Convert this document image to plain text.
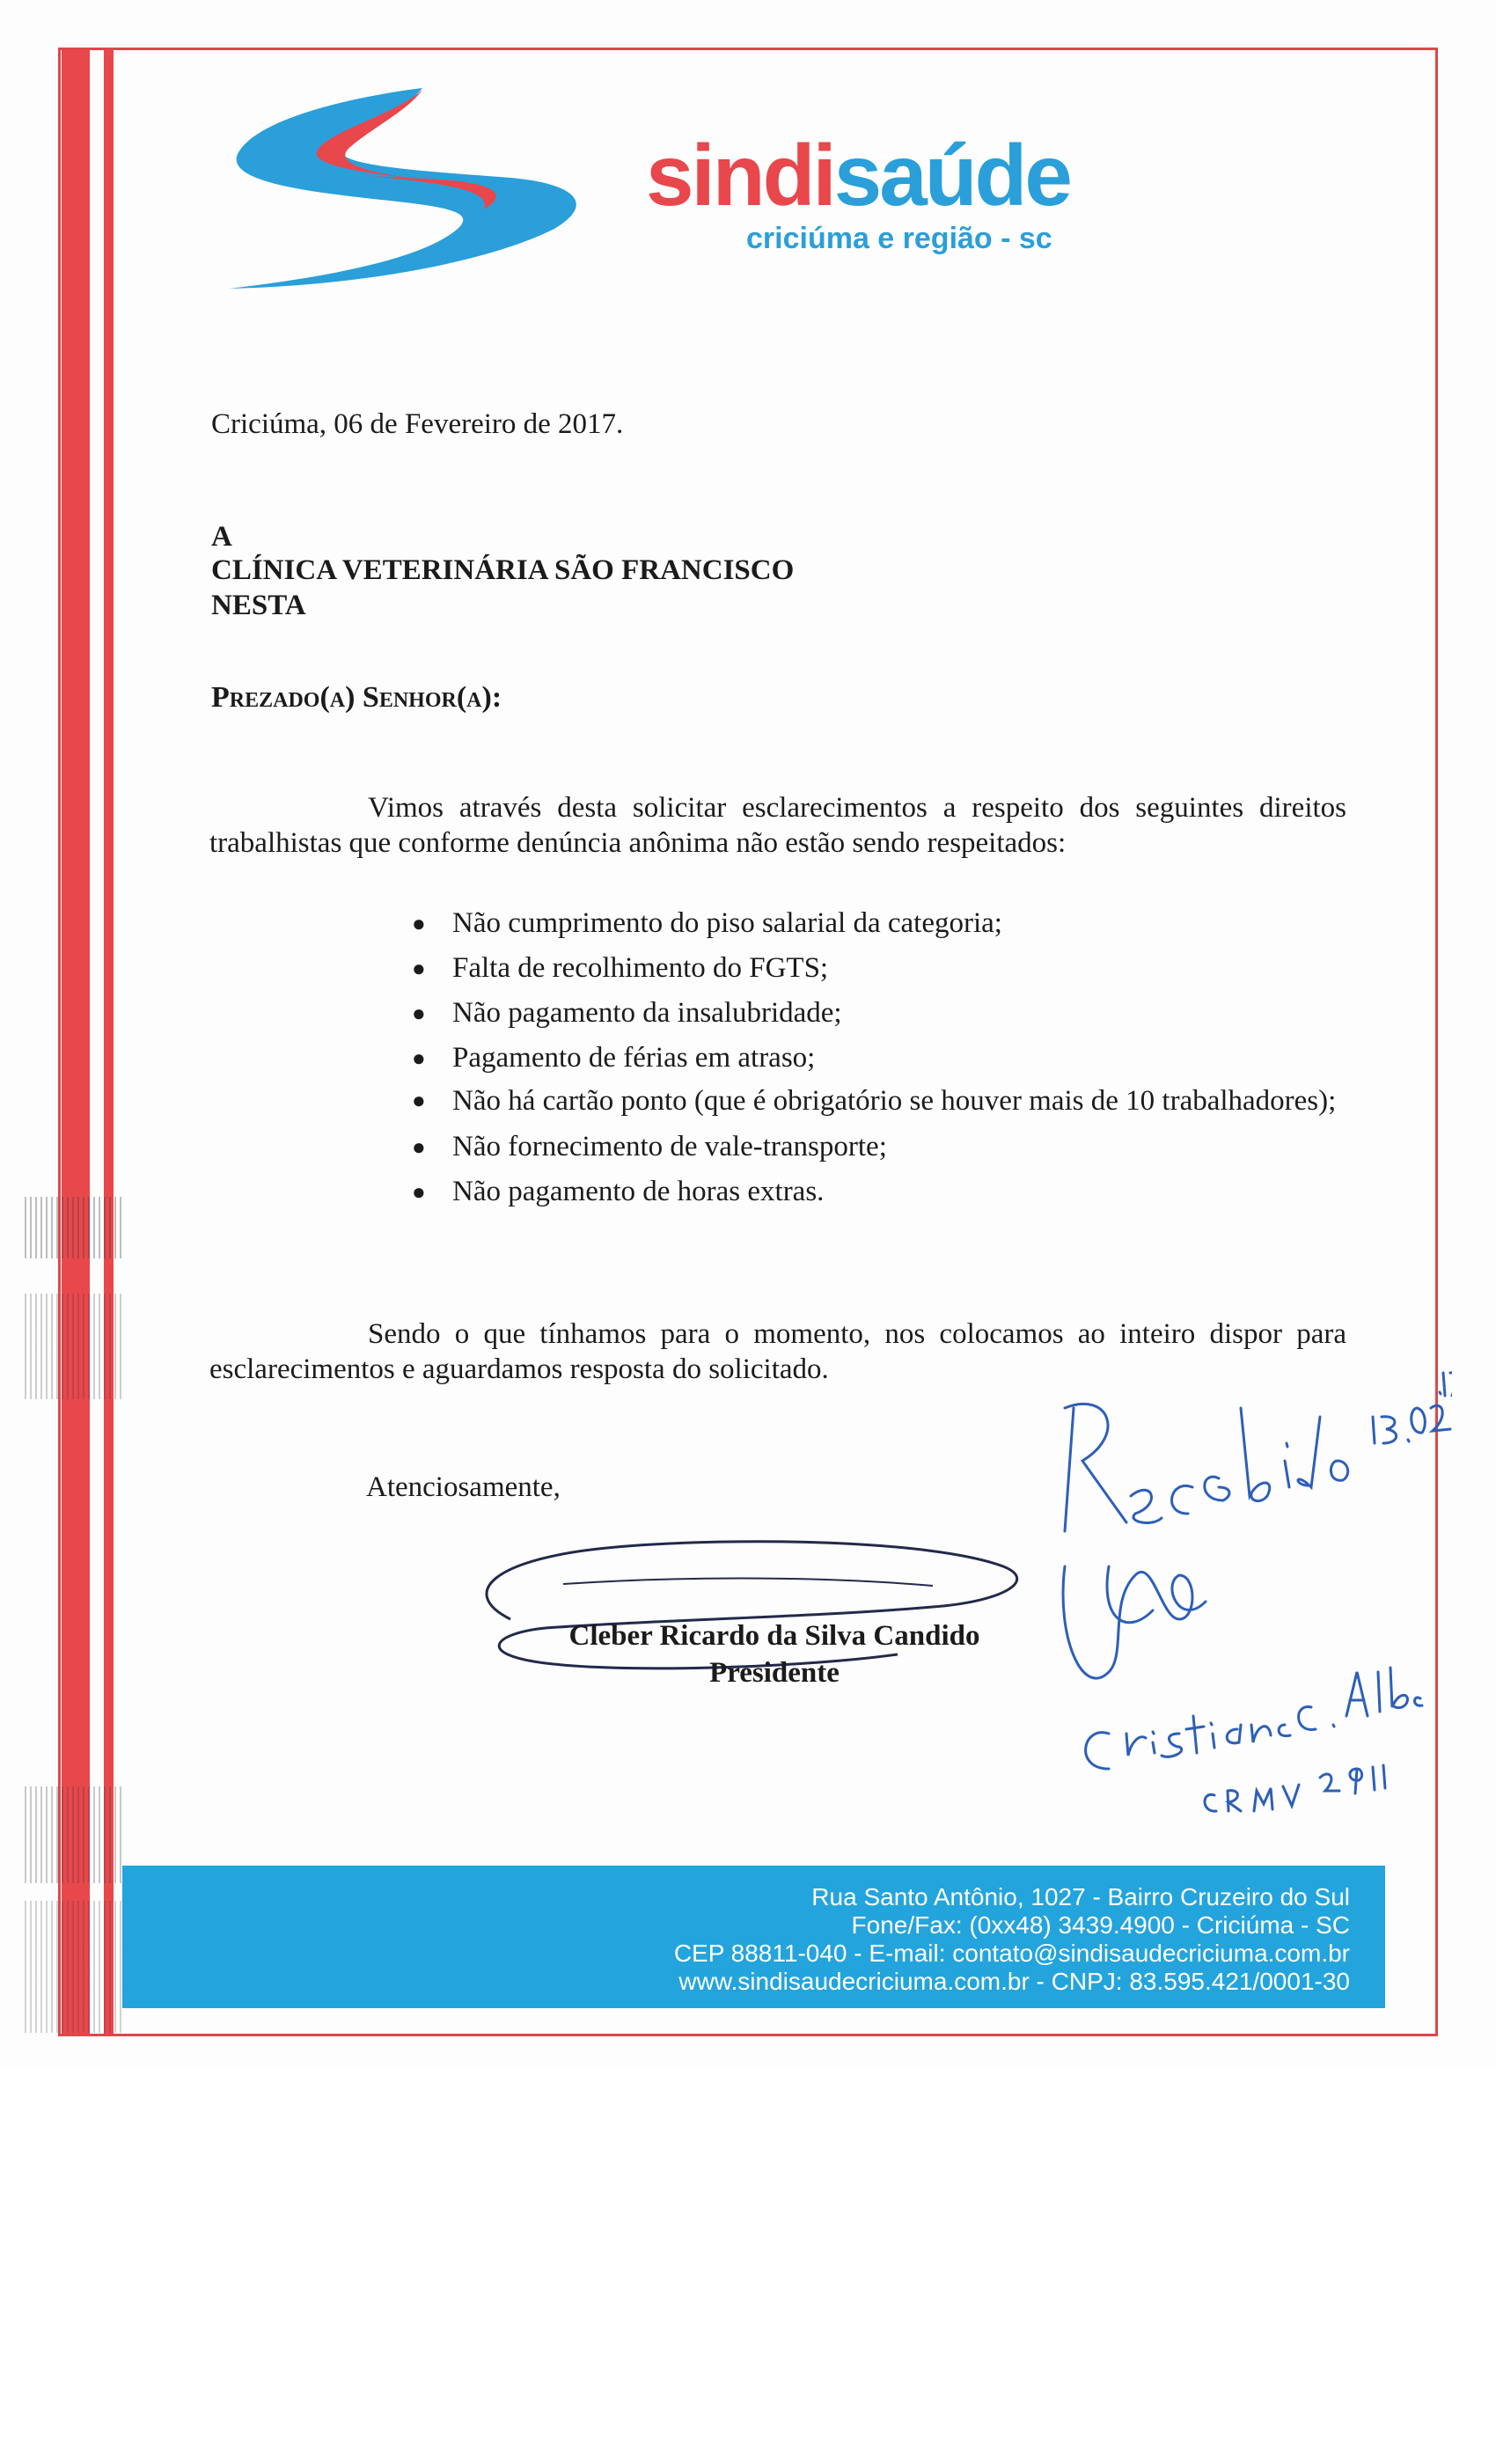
sindisaúde
criciúma e região - sc
Criciúma, 06 de Fevereiro de 2017.
A
CLÍNICA VETERINÁRIA SÃO FRANCISCO
NESTA
Prezado(a) Senhor(a):
Vimos através desta solicitar esclarecimentos a respeito dos seguintes direitos trabalhistas que conforme denúncia anônima não estão sendo respeitados:
● Não cumprimento do piso salarial da categoria;
● Falta de recolhimento do FGTS;
● Não pagamento da insalubridade;
● Pagamento de férias em atraso;
● Não há cartão ponto (que é obrigatório se houver mais de 10 trabalhadores);
● Não fornecimento de vale-transporte;
● Não pagamento de horas extras.
Sendo o que tínhamos para o momento, nos colocamos ao inteiro dispor para esclarecimentos e aguardamos resposta do solicitado.
Atenciosamente,
Cleber Ricardo da Silva Candido
Presidente
Rua Santo Antônio, 1027 - Bairro Cruzeiro do Sul
Fone/Fax: (0xx48) 3439.4900 - Criciúma - SC
CEP 88811-040 - E-mail: contato@sindisaudecriciuma.com.br
www.sindisaudecriciuma.com.br - CNPJ: 83.595.421/0001-30
